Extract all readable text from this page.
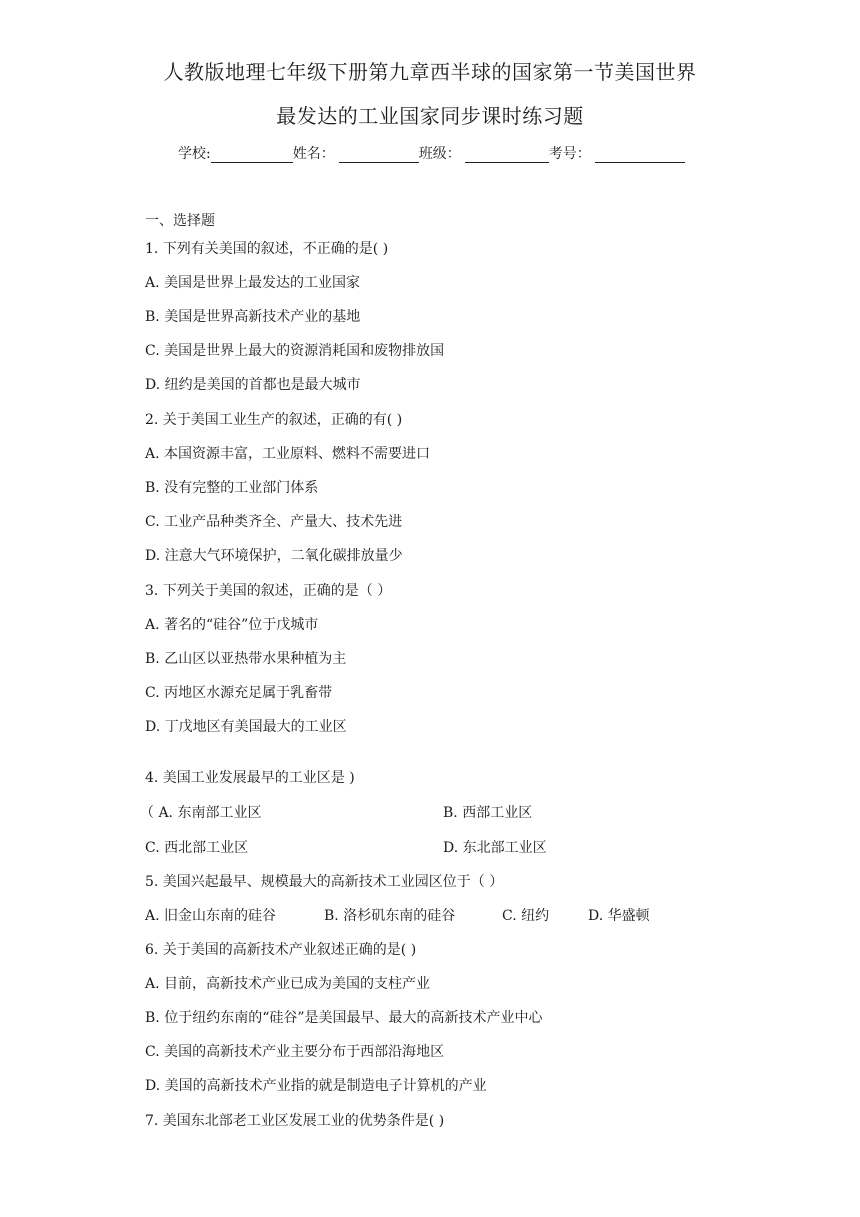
人教版地理七年级下册第九章西半球的国家第一节美国世界
最发达的工业国家同步课时练习题
学校:	姓名：	班级：	考号：
一、选择题
1. 下列有关美国的叙述，不正确的是( )
A. 美国是世界上最发达的工业国家
B. 美国是世界高新技术产业的基地
C. 美国是世界上最大的资源消耗国和废物排放国
D. 纽约是美国的首都也是最大城市
2. 关于美国工业生产的叙述，正确的有( )
A. 本国资源丰富，工业原料、燃料不需要进口
B. 没有完整的工业部门体系
C. 工业产品种类齐全、产量大、技术先进
D. 注意大气环境保护，二氧化碳排放量少
3. 下列关于美国的叙述，正确的是（ ）
A. 著名的“硅谷”位于戊城市
B. 乙山区以亚热带水果种植为主
C. 丙地区水源充足属于乳畜带
D. 丁戊地区有美国最大的工业区
4. 美国工业发展最早的工业区是 )
（ A. 东南部工业区	B. 西部工业区
C. 西北部工业区	D. 东北部工业区
5. 美国兴起最早、规模最大的高新技术工业园区位于（ ）
A. 旧金山东南的硅谷	B. 洛杉矶东南的硅谷	C. 纽约	D. 华盛顿
6. 关于美国的高新技术产业叙述正确的是( )
A. 目前，高新技术产业已成为美国的支柱产业
B. 位于纽约东南的“硅谷”是美国最早、最大的高新技术产业中心
C. 美国的高新技术产业主要分布于西部沿海地区
D. 美国的高新技术产业指的就是制造电子计算机的产业
7. 美国东北部老工业区发展工业的优势条件是( )
